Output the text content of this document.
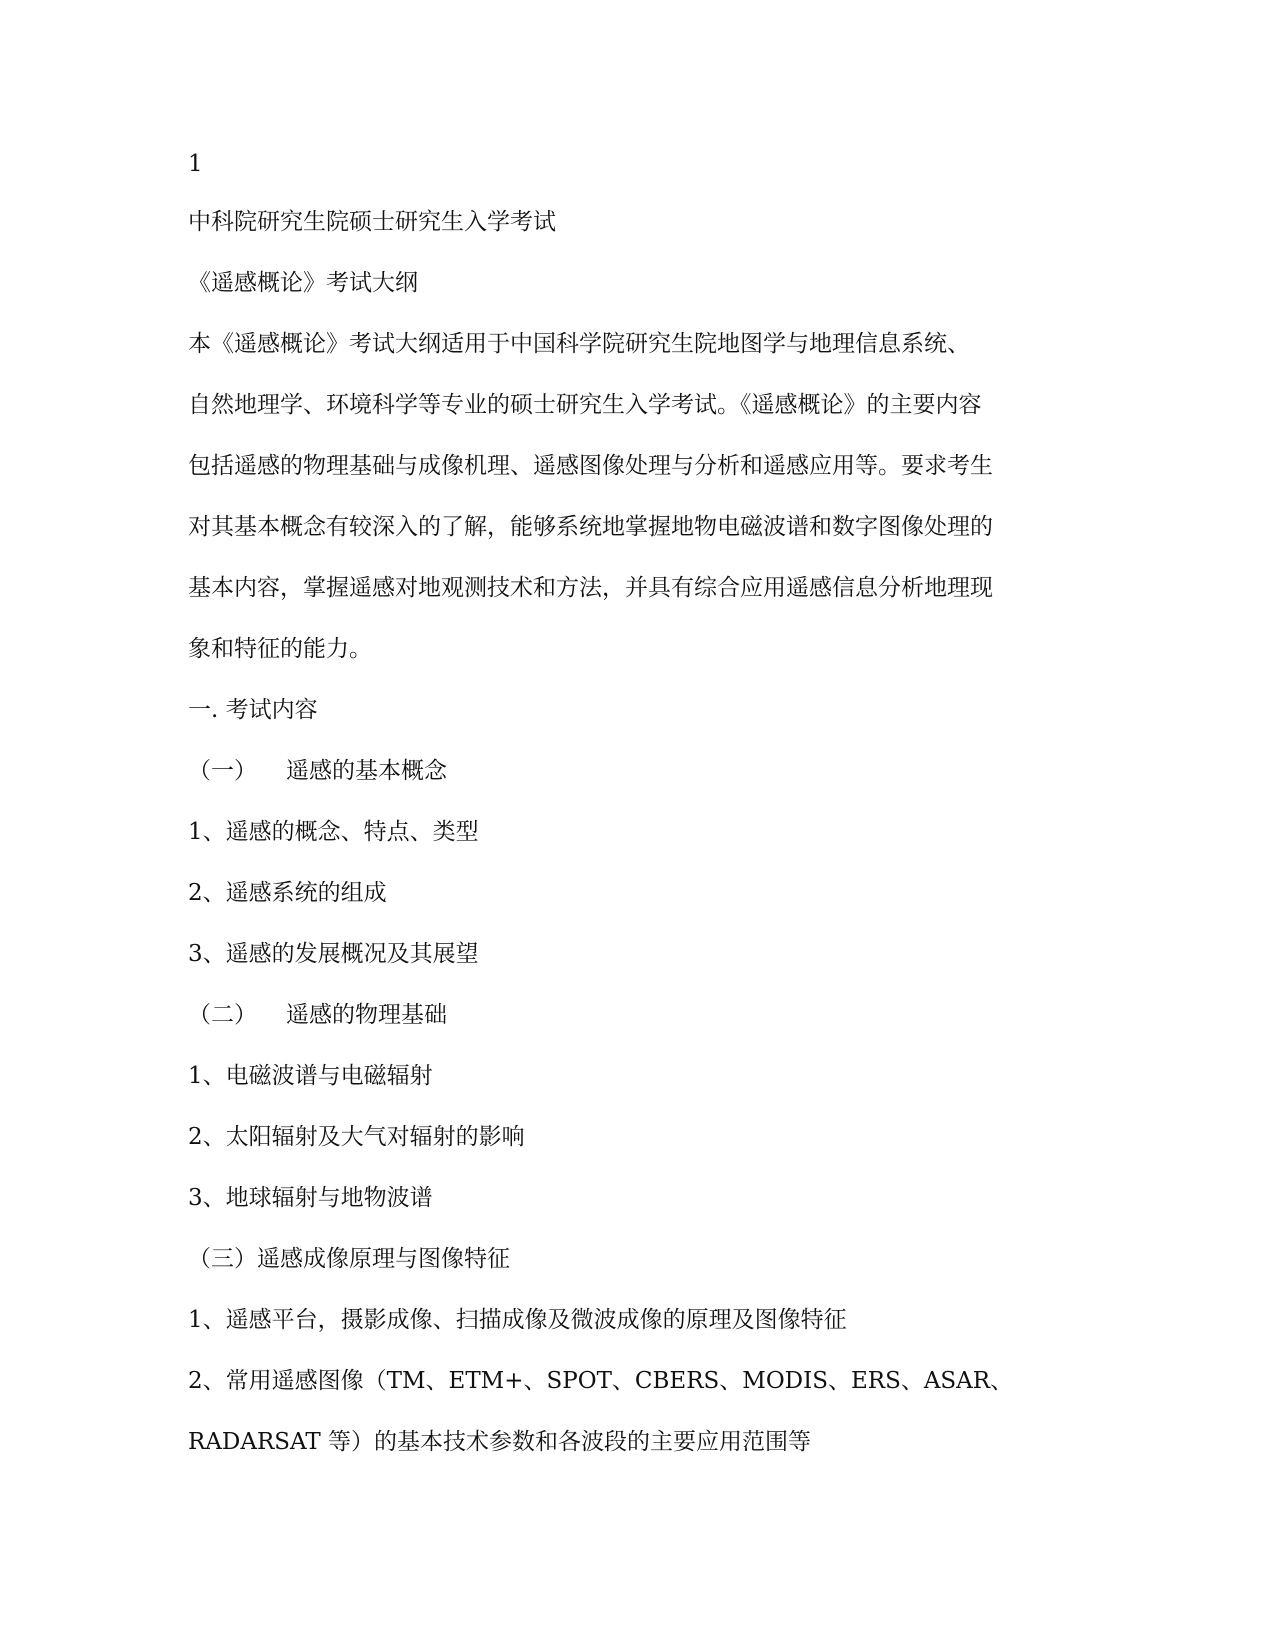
1
中科院研究生院硕士研究生入学考试
《遥感概论》考试大纲
本《遥感概论》考试大纲适用于中国科学院研究生院地图学与地理信息系统、
自然地理学、环境科学等专业的硕士研究生入学考试。《遥感概论》的主要内容
包括遥感的物理基础与成像机理、遥感图像处理与分析和遥感应用等。要求考生
对其基本概念有较深入的了解，能够系统地掌握地物电磁波谱和数字图像处理的
基本内容，掌握遥感对地观测技术和方法，并具有综合应用遥感信息分析地理现
象和特征的能力。
一. 考试内容
（一） 遥感的基本概念
1、遥感的概念、特点、类型
2、遥感系统的组成
3、遥感的发展概况及其展望
（二） 遥感的物理基础
1、电磁波谱与电磁辐射
2、太阳辐射及大气对辐射的影响
3、地球辐射与地物波谱
（三）遥感成像原理与图像特征
1、遥感平台，摄影成像、扫描成像及微波成像的原理及图像特征
2、常用遥感图像（TM、ETM+、SPOT、CBERS、MODIS、ERS、ASAR、
RADARSAT 等）的基本技术参数和各波段的主要应用范围等
